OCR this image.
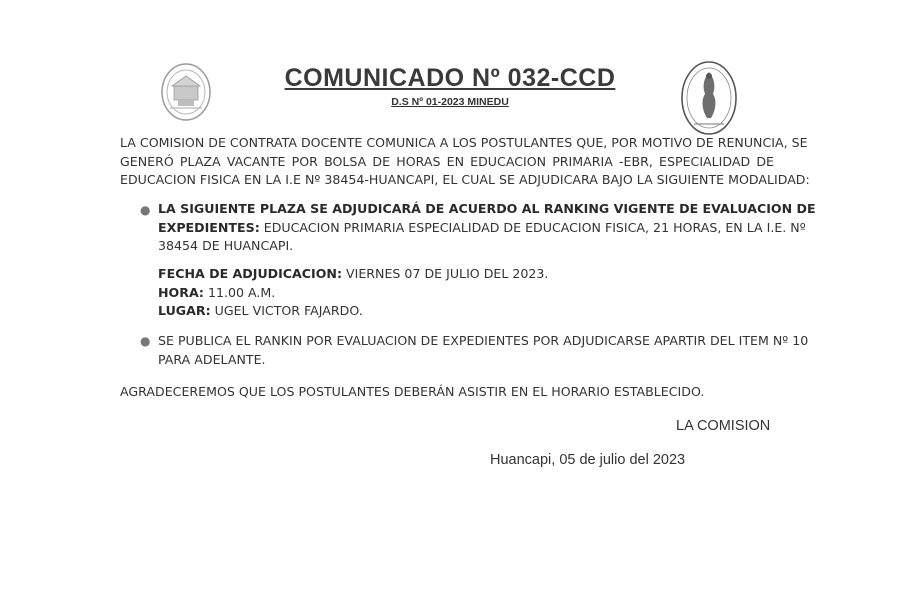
COMUNICADO Nº 032-CCD
D.S Nº 01-2023 MINEDU
LA COMISION DE CONTRATA DOCENTE COMUNICA A LOS POSTULANTES QUE, POR MOTIVO DE RENUNCIA, SE
GENERÓ PLAZA VACANTE POR BOLSA DE HORAS EN EDUCACION PRIMARIA -EBR, ESPECIALIDAD DE
EDUCACION FISICA EN LA I.E Nº 38454-HUANCAPI, EL CUAL SE ADJUDICARA BAJO LA SIGUIENTE MODALIDAD:
● LA SIGUIENTE PLAZA SE ADJUDICARÁ DE ACUERDO AL RANKING VIGENTE DE EVALUACION DE
EXPEDIENTES: EDUCACION PRIMARIA ESPECIALIDAD DE EDUCACION FISICA, 21 HORAS, EN LA I.E. Nº
38454 DE HUANCAPI.
FECHA DE ADJUDICACION: VIERNES 07 DE JULIO DEL 2023.
HORA: 11.00 A.M.
LUGAR: UGEL VICTOR FAJARDO.
● SE PUBLICA EL RANKIN POR EVALUACION DE EXPEDIENTES POR ADJUDICARSE APARTIR DEL ITEM Nº 10
PARA ADELANTE.
AGRADECEREMOS QUE LOS POSTULANTES DEBERÁN ASISTIR EN EL HORARIO ESTABLECIDO.
LA COMISION
Huancapi, 05 de julio del 2023
